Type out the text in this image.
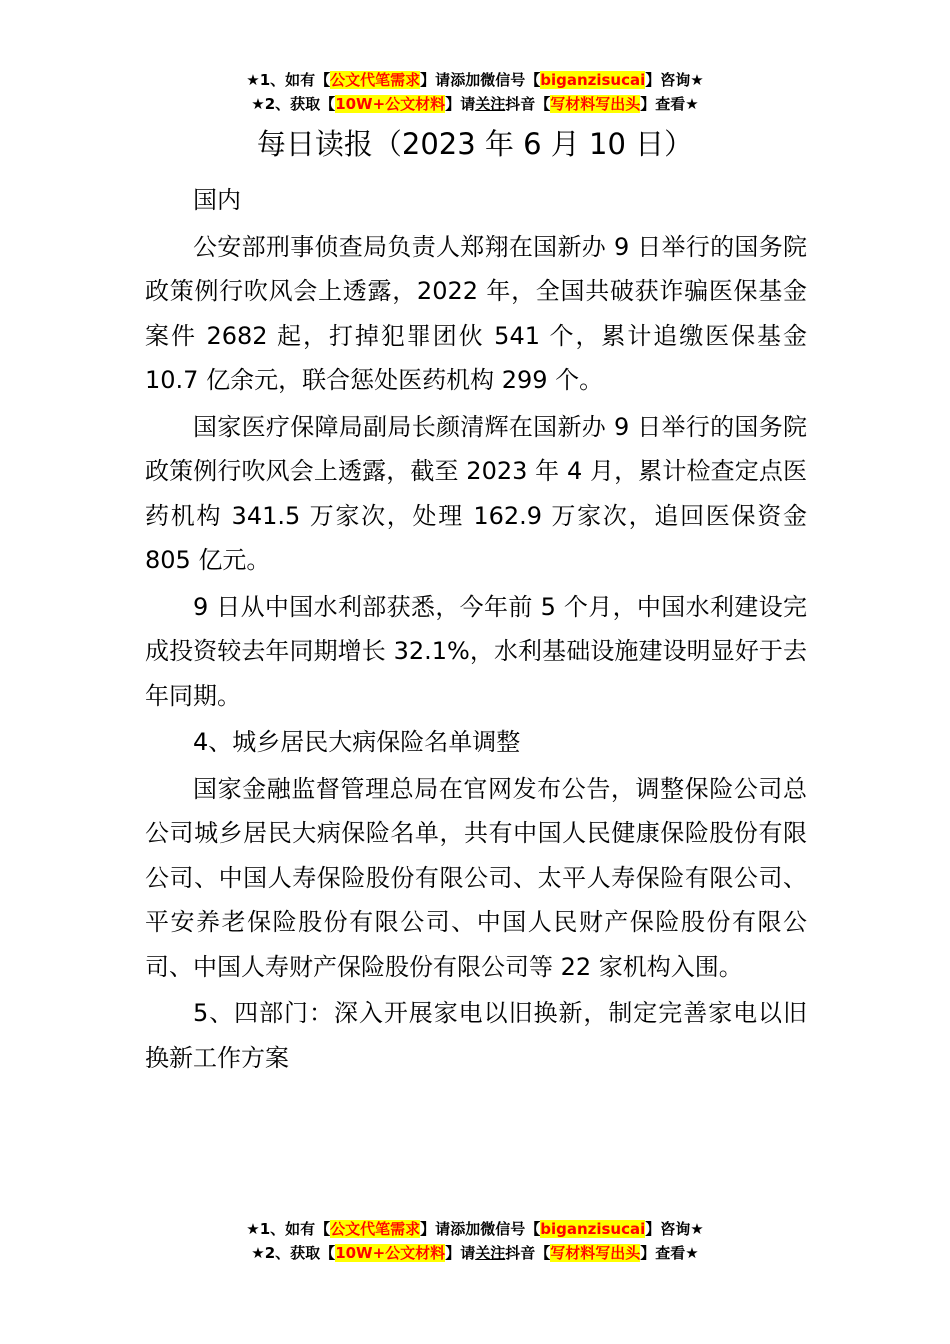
★1、如有【公文代笔需求】请添加微信号【biganzisucai】咨询★
★2、获取【10W+公文材料】请关注抖音【写材料写出头】查看★
每日读报（2023 年 6 月 10 日）

国内

公安部刑事侦查局负责人郑翔在国新办 9 日举行的国务院政策例行吹风会上透露，2022 年，全国共破获诈骗医保基金案件 2682 起，打掉犯罪团伙 541 个，累计追缴医保基金 10.7 亿余元，联合惩处医药机构 299 个。

国家医疗保障局副局长颜清辉在国新办 9 日举行的国务院政策例行吹风会上透露，截至 2023 年 4 月，累计检查定点医药机构 341.5 万家次，处理 162.9 万家次，追回医保资金 805 亿元。

9 日从中国水利部获悉，今年前 5 个月，中国水利建设完成投资较去年同期增长 32.1%，水利基础设施建设明显好于去年同期。

4、城乡居民大病保险名单调整

国家金融监督管理总局在官网发布公告，调整保险公司总公司城乡居民大病保险名单，共有中国人民健康保险股份有限公司、中国人寿保险股份有限公司、太平人寿保险有限公司、平安养老保险股份有限公司、中国人民财产保险股份有限公司、中国人寿财产保险股份有限公司等 22 家机构入围。

5、四部门：深入开展家电以旧换新，制定完善家电以旧换新工作方案

★1、如有【公文代笔需求】请添加微信号【biganzisucai】咨询★
★2、获取【10W+公文材料】请关注抖音【写材料写出头】查看★
